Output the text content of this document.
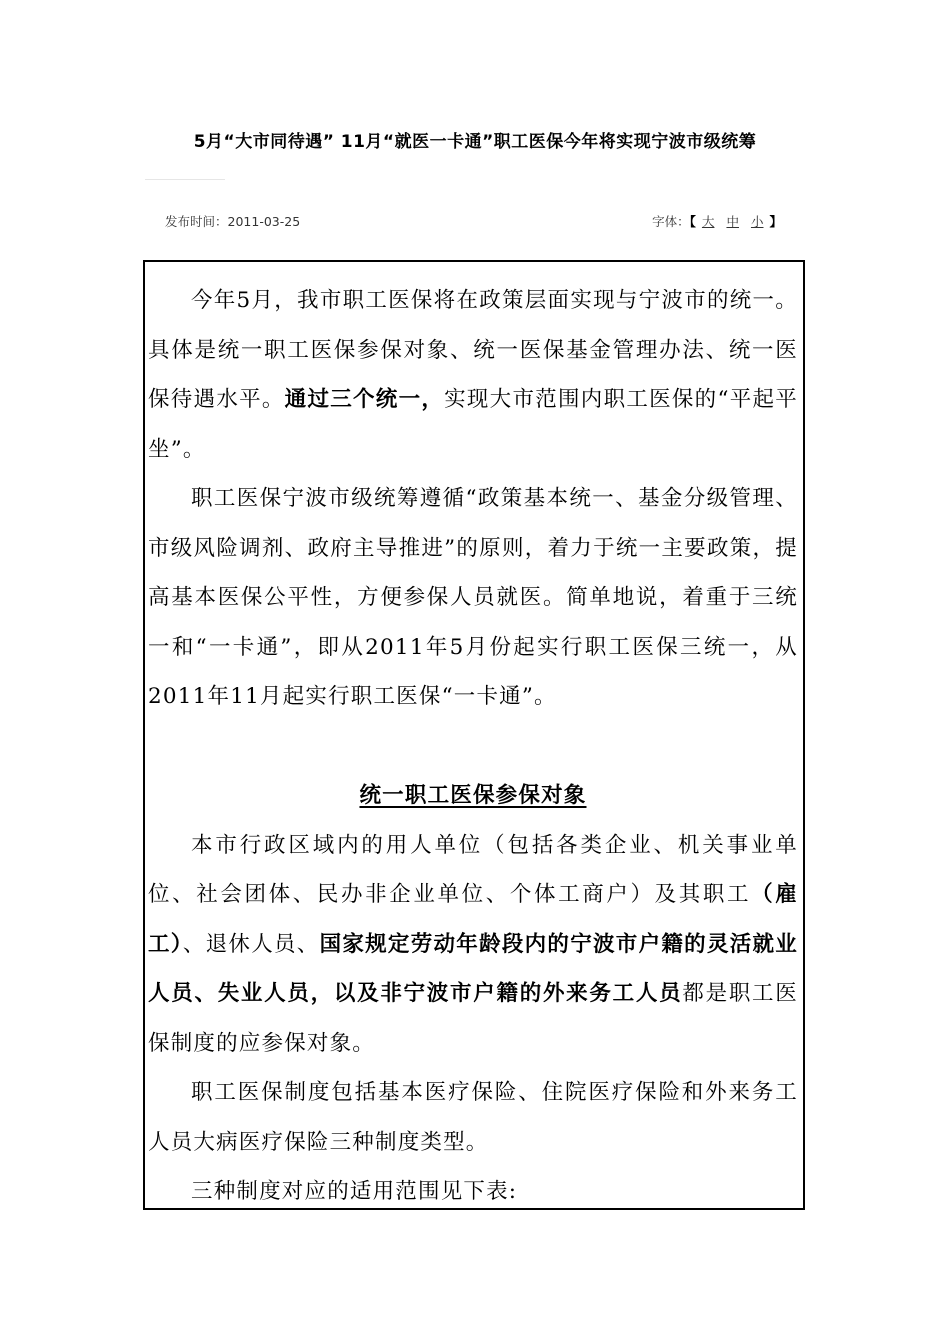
5月“大市同待遇” 11月“就医一卡通”职工医保今年将实现宁波市级统筹
发布时间：2011-03-25	字体：【 大 中 小 】

今年5月，我市职工医保将在政策层面实现与宁波市的统一。具体是统一职工医保参保对象、统一医保基金管理办法、统一医保待遇水平。通过三个统一，实现大市范围内职工医保的“平起平坐”。

职工医保宁波市级统筹遵循“政策基本统一、基金分级管理、市级风险调剂、政府主导推进”的原则，着力于统一主要政策，提高基本医保公平性，方便参保人员就医。简单地说，着重于三统一和“一卡通”，即从2011年5月份起实行职工医保三统一，从2011年11月起实行职工医保“一卡通”。

统一职工医保参保对象

本市行政区域内的用人单位（包括各类企业、机关事业单位、社会团体、民办非企业单位、个体工商户）及其职工（雇工）、退休人员、国家规定劳动年龄段内的宁波市户籍的灵活就业人员、失业人员，以及非宁波市户籍的外来务工人员都是职工医保制度的应参保对象。

职工医保制度包括基本医疗保险、住院医疗保险和外来务工人员大病医疗保险三种制度类型。

三种制度对应的适用范围见下表:
